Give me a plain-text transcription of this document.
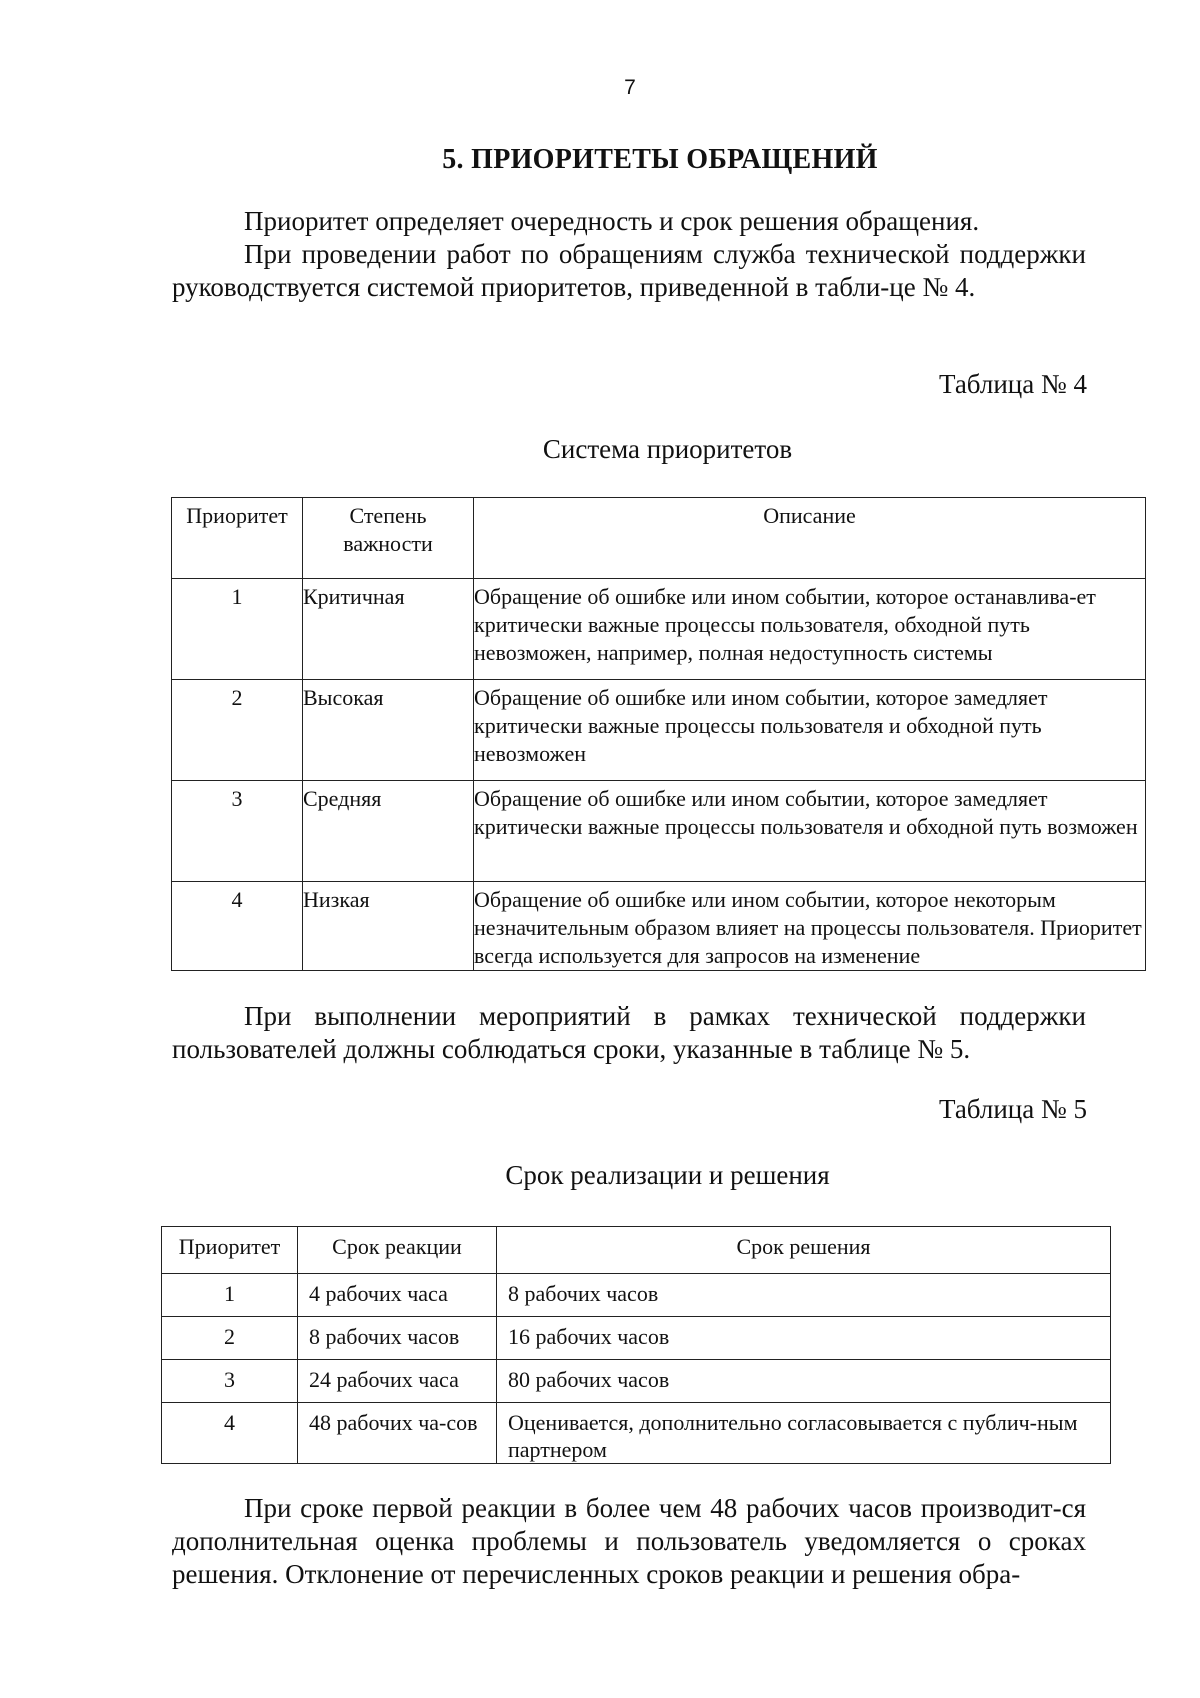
7
5. ПРИОРИТЕТЫ ОБРАЩЕНИЙ

Приоритет определяет очередность и срок решения обращения.

При проведении работ по обращениям служба технической поддержки руководствуется системой приоритетов, приведенной в табли-це № 4.

Таблица № 4
Система приоритетов
Приоритет	Степень важности	Описание
1	Критичная	Обращение об ошибке или ином событии, которое останавлива-ет критически важные процессы пользователя, обходной путь невозможен, например, полная недоступность системы
2	Высокая	Обращение об ошибке или ином событии, которое замедляет критически важные процессы пользователя и обходной путь невозможен
3	Средняя	Обращение об ошибке или ином событии, которое замедляет критически важные процессы пользователя и обходной путь возможен
4	Низкая	Обращение об ошибке или ином событии, которое некоторым незначительным образом влияет на процессы пользователя. Приоритет всегда используется для запросов на изменение

При выполнении мероприятий в рамках технической поддержки пользователей должны соблюдаться сроки, указанные в таблице № 5.

Таблица № 5
Срок реализации и решения
Приоритет	Срок реакции	Срок решения
1	4 рабочих часа	8 рабочих часов
2	8 рабочих часов	16 рабочих часов
3	24 рабочих часа	80 рабочих часов
4	48 рабочих ча-сов	Оценивается, дополнительно согласовывается с публич-ным партнером

При сроке первой реакции в более чем 48 рабочих часов производит-ся дополнительная оценка проблемы и пользователь уведомляется о сроках решения. Отклонение от перечисленных сроков реакции и решения обра-
